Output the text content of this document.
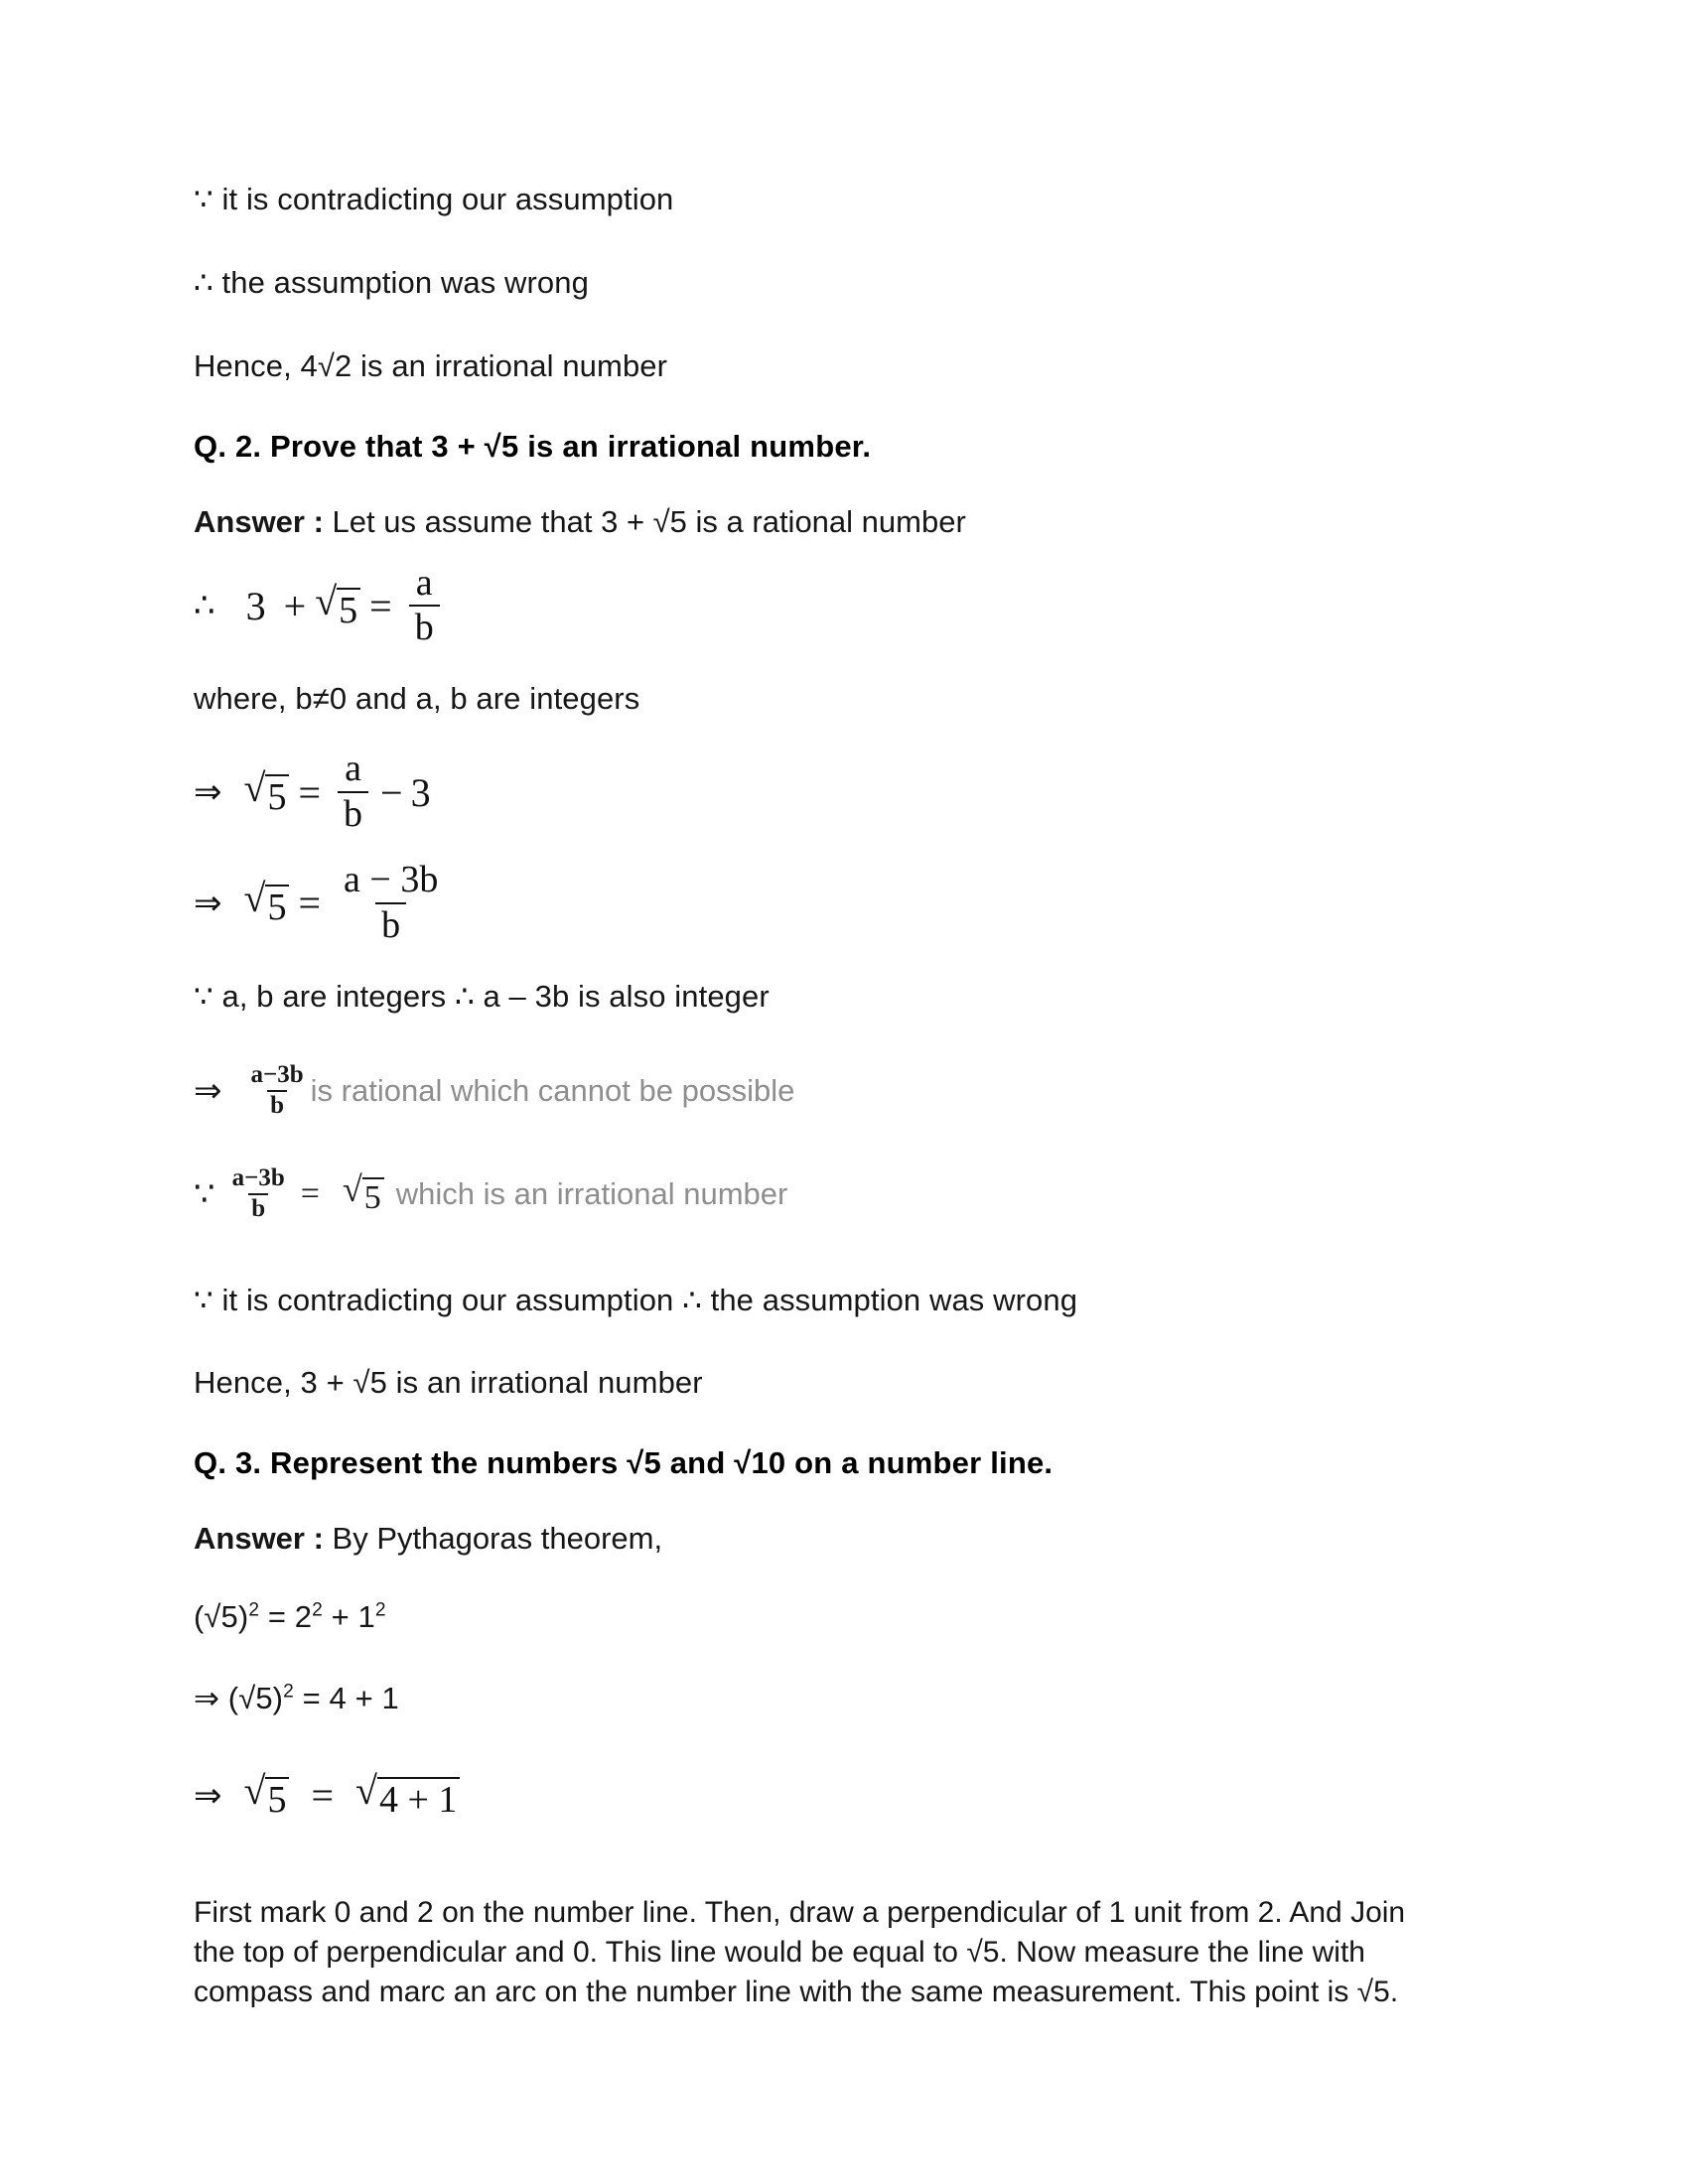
∵ it is contradicting our assumption

∴ the assumption was wrong

Hence, 4√2 is an irrational number

Q. 2. Prove that 3 + √5 is an irrational number.

Answer : Let us assume that 3 + √5 is a rational number

∴ 3 + √ $5 = \frac{a}{b}$

where, b≠0 and a, b are integers

⇒ √ $5 = \frac{a}{b} - 3$
⇒ √ $5 = \frac{a - 3b}{b}$

∵ a, b are integers ∴ a – 3b is also integer

⇒ $\frac{a-3b}{b}$ is rational which cannot be possible
∵ $\frac{a-3b}{b}$ = √ 5 which is an irrational number

∵ it is contradicting our assumption ∴ the assumption was wrong

Hence, 3 + √5 is an irrational number

Q. 3. Represent the numbers √5 and √10 on a number line.

Answer : By Pythagoras theorem,

$(√5)^2 = 2^2 + 1^2$

⇒ $(√5)^2 = 4 + 1$

⇒ √ 5 = √ 4 + 1

First mark 0 and 2 on the number line. Then, draw a perpendicular of 1 unit from 2. And Join the top of perpendicular and 0. This line would be equal to √5. Now measure the line with compass and marc an arc on the number line with the same measurement. This point is √5.
